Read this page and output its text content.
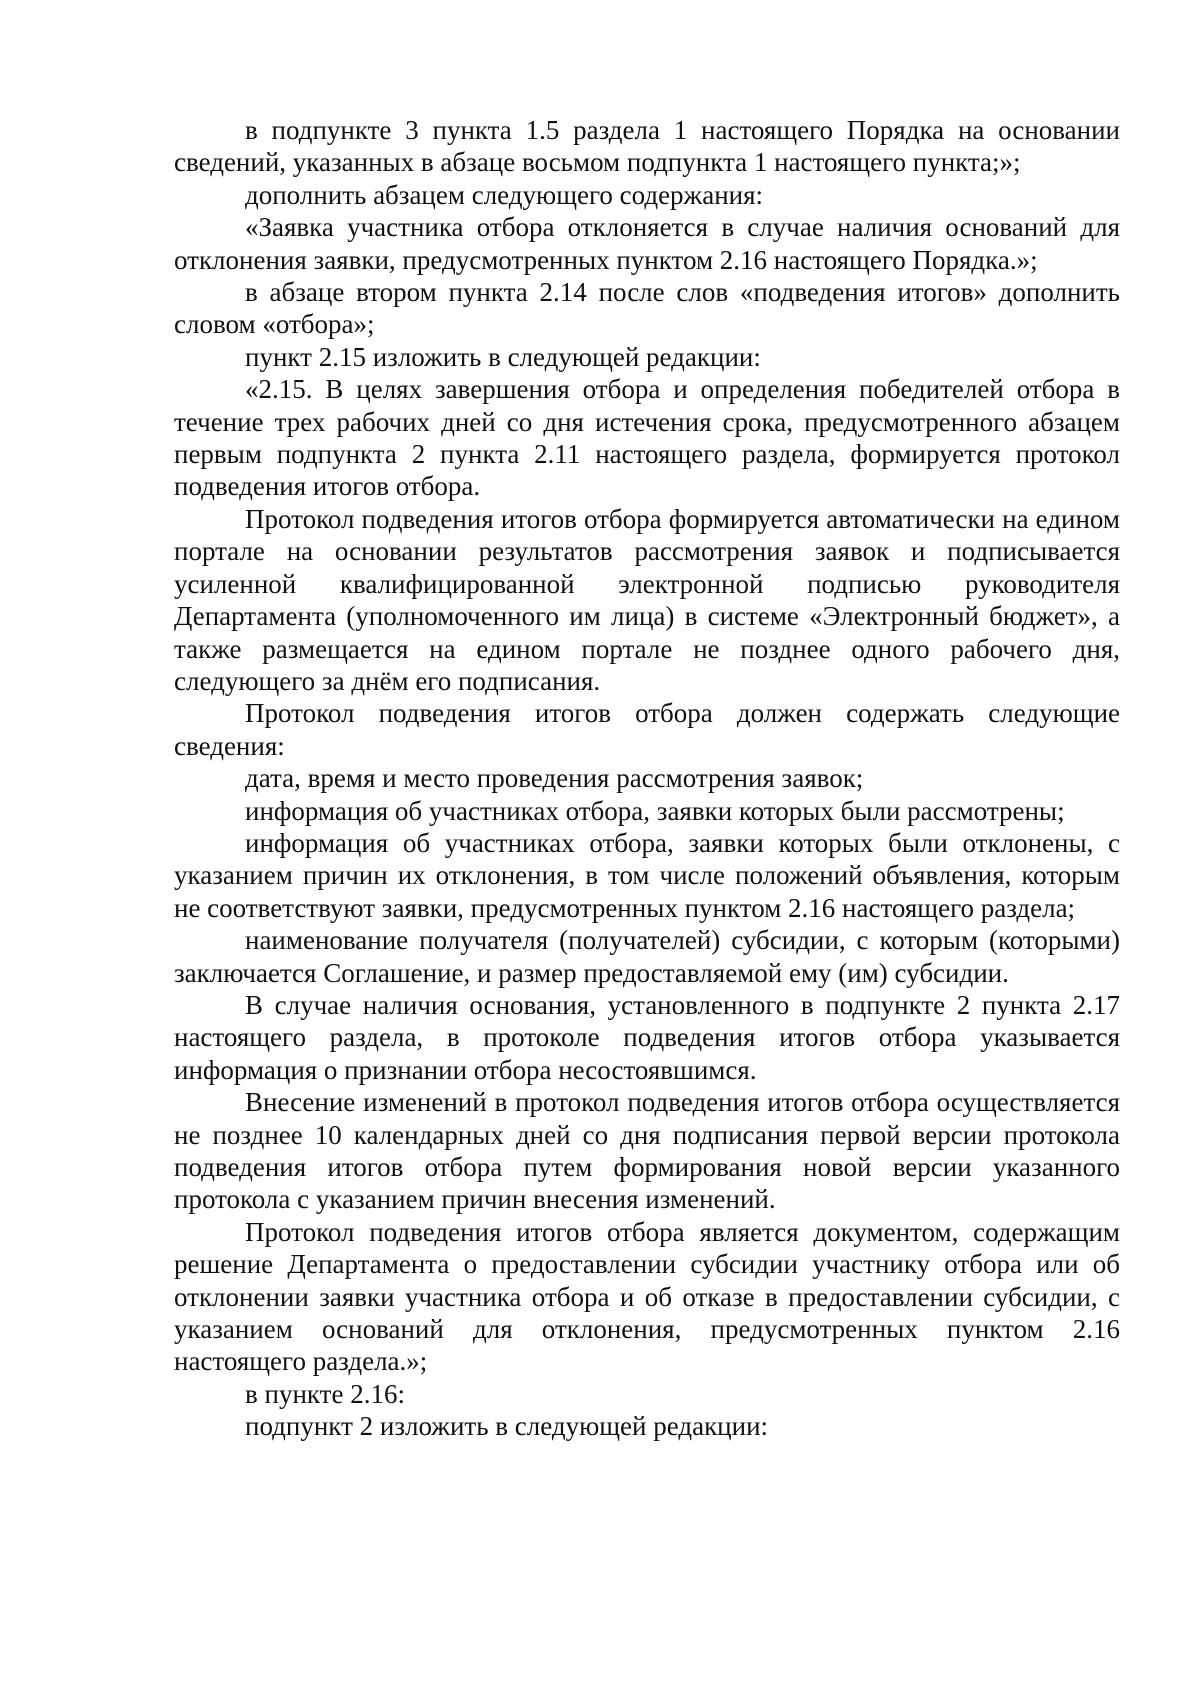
в подпункте 3 пункта 1.5 раздела 1 настоящего Порядка на основании сведений, указанных в абзаце восьмом подпункта 1 настоящего пункта;»;

дополнить абзацем следующего содержания:

«Заявка участника отбора отклоняется в случае наличия оснований для отклонения заявки, предусмотренных пунктом 2.16 настоящего Порядка.»;

в абзаце втором пункта 2.14 после слов «подведения итогов» дополнить словом «отбора»;

пункт 2.15 изложить в следующей редакции:

«2.15. В целях завершения отбора и определения победителей отбора в течение трех рабочих дней со дня истечения срока, предусмотренного абзацем первым подпункта 2 пункта 2.11 настоящего раздела, формируется протокол подведения итогов отбора.

Протокол подведения итогов отбора формируется автоматически на едином портале на основании результатов рассмотрения заявок и подписывается усиленной квалифицированной электронной подписью руководителя Департамента (уполномоченного им лица) в системе «Электронный бюджет», а также размещается на едином портале не позднее одного рабочего дня, следующего за днём его подписания.

Протокол подведения итогов отбора должен содержать следующие сведения:

дата, время и место проведения рассмотрения заявок;

информация об участниках отбора, заявки которых были рассмотрены;

информация об участниках отбора, заявки которых были отклонены, с указанием причин их отклонения, в том числе положений объявления, которым не соответствуют заявки, предусмотренных пунктом 2.16 настоящего раздела;

наименование получателя (получателей) субсидии, с которым (которыми) заключается Соглашение, и размер предоставляемой ему (им) субсидии.

В случае наличия основания, установленного в подпункте 2 пункта 2.17 настоящего раздела, в протоколе подведения итогов отбора указывается информация о признании отбора несостоявшимся.

Внесение изменений в протокол подведения итогов отбора осуществляется не позднее 10 календарных дней со дня подписания первой версии протокола подведения итогов отбора путем формирования новой версии указанного протокола с указанием причин внесения изменений.

Протокол подведения итогов отбора является документом, содержащим решение Департамента о предоставлении субсидии участнику отбора или об отклонении заявки участника отбора и об отказе в предоставлении субсидии, с указанием оснований для отклонения, предусмотренных пунктом 2.16 настоящего раздела.»;

в пункте 2.16:

подпункт 2 изложить в следующей редакции:
